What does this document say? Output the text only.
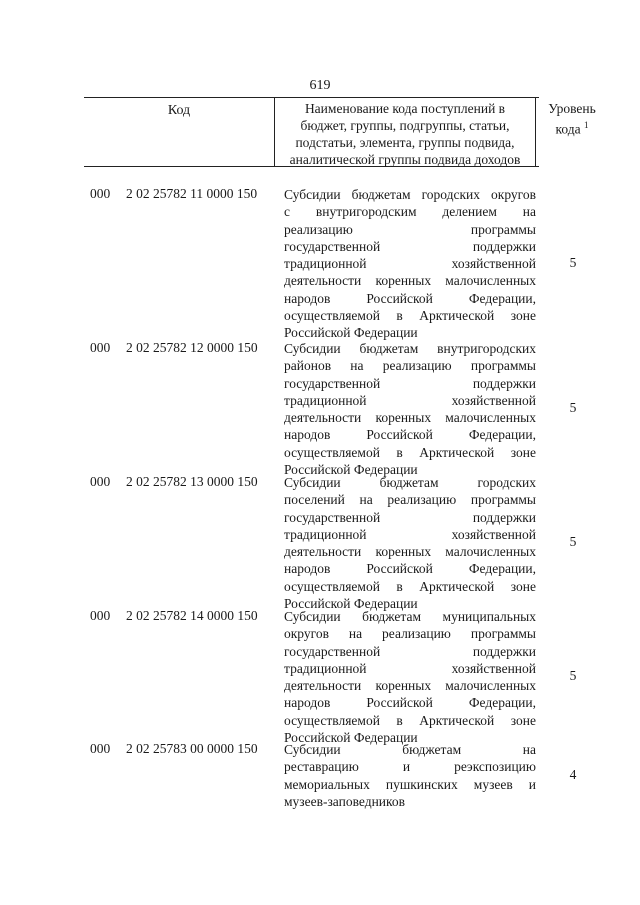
619
Код	Наименование кода поступлений в
бюджет, группы, подгруппы, статьи,
подстатьи, элемента, группы подвида,
аналитической группы подвида доходов
Уровень
кода $^1$
000 2 02 25782 11 0000 150 Субсидии бюджетам городских округов
с внутригородским делением на
реализацию программы
государственной поддержки
традиционной хозяйственной
деятельности коренных малочисленных
народов Российской Федерации,
осуществляемой в Арктической зоне
Российской Федерации
5
000 2 02 25782 12 0000 150 Субсидии бюджетам внутригородских
районов на реализацию программы
государственной поддержки
традиционной хозяйственной
деятельности коренных малочисленных
народов Российской Федерации,
осуществляемой в Арктической зоне
Российской Федерации
5
000 2 02 25782 13 0000 150 Субсидии бюджетам городских
поселений на реализацию программы
государственной поддержки
традиционной хозяйственной
деятельности коренных малочисленных
народов Российской Федерации,
осуществляемой в Арктической зоне
Российской Федерации
5
000 2 02 25782 14 0000 150 Субсидии бюджетам муниципальных
округов на реализацию программы
государственной поддержки
традиционной хозяйственной
деятельности коренных малочисленных
народов Российской Федерации,
осуществляемой в Арктической зоне
Российской Федерации
5
000 2 02 25783 00 0000 150 Субсидии бюджетам на
реставрацию и реэкспозицию
мемориальных пушкинских музеев и
музеев-заповедников
4
